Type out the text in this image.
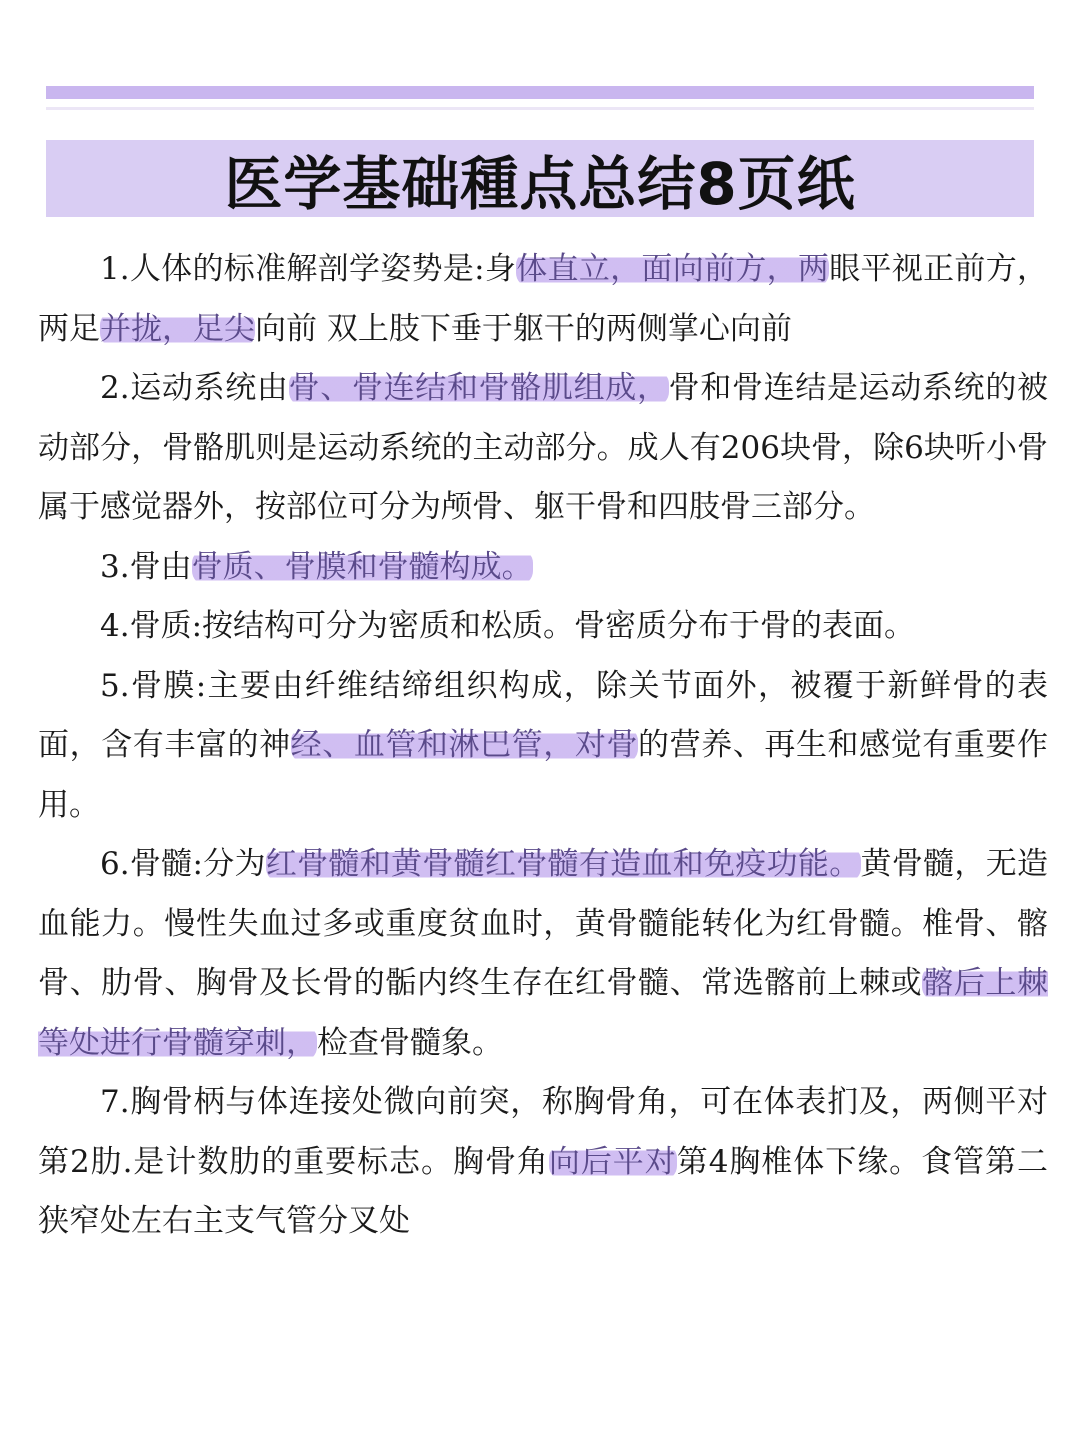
医学基础種点总结8页纸

1.人体的标准解剖学姿势是:身体直立，面向前方，两眼平视正前方，两足并拢，足尖向前 双上肢下垂于躯干的两侧掌心向前

2.运动系统由骨、骨连结和骨骼肌组成，骨和骨连结是运动系统的被动部分，骨骼肌则是运动系统的主动部分。成人有206块骨，除6块听小骨属于感觉器外，按部位可分为颅骨、躯干骨和四肢骨三部分。

3.骨由骨质、骨膜和骨髓构成。

4.骨质:按结构可分为密质和松质。骨密质分布于骨的表面。

5.骨膜:主要由纤维结缔组织构成，除关节面外，被覆于新鲜骨的表面，含有丰富的神经、血管和淋巴管，对骨的营养、再生和感觉有重要作用。

6.骨髓:分为红骨髓和黄骨髓红骨髓有造血和免疫功能。黄骨髓，无造血能力。慢性失血过多或重度贫血时，黄骨髓能转化为红骨髓。椎骨、髂骨、肋骨、胸骨及长骨的骺内终生存在红骨髓、常选髂前上棘或髂后上棘等处进行骨髓穿刺，检查骨髓象。

7.胸骨柄与体连接处微向前突，称胸骨角，可在体表扪及，两侧平对第2肋.是计数肋的重要标志。胸骨角向后平对第4胸椎体下缘。食管第二狭窄处左右主支气管分叉处
